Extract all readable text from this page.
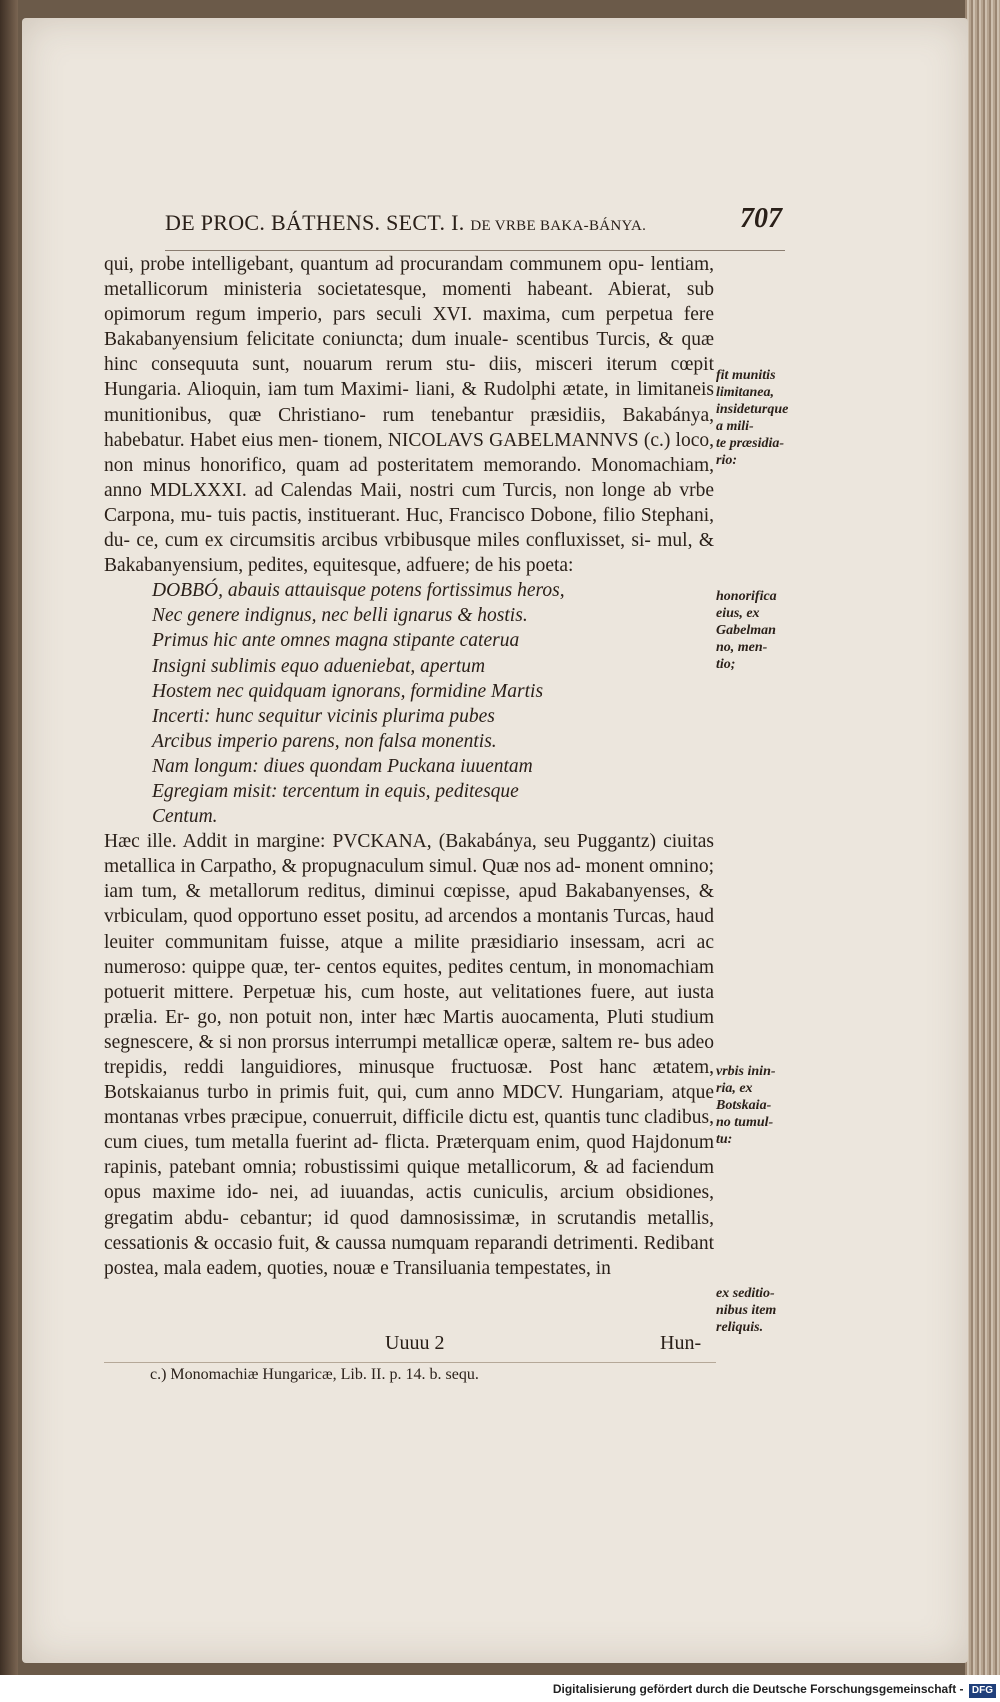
DE PROC. BÁTHENS. SECT. I. DE VRBE BAKA-BÁNYA.	707

qui, probe intelligebant, quantum ad procurandam communem opu- lentiam, metallicorum ministeria societatesque, momenti habeant. Abierat, sub opimorum regum imperio, pars seculi XVI. maxima, cum perpetua fere Bakabanyensium felicitate coniuncta; dum inuale- scentibus Turcis, & quæ hinc consequuta sunt, nouarum rerum stu- diis, misceri iterum cœpit Hungaria. Alioquin, iam tum Maximi- liani, & Rudolphi ætate, in limitaneis munitionibus, quæ Christiano- rum tenebantur præsidiis, Bakabánya, habebatur. Habet eius men- tionem, NICOLAVS GABELMANNVS (c.) loco, non minus honorifico, quam ad posteritatem memorando. Monomachiam, anno MDLXXXI. ad Calendas Maii, nostri cum Turcis, non longe ab vrbe Carpona, mu- tuis pactis, instituerant. Huc, Francisco Dobone, filio Stephani, du- ce, cum ex circumsitis arcibus vrbibusque miles confluxisset, si- mul, & Bakabanyensium, pedites, equitesque, adfuere; de his poeta:

DOBBÓ, abauis attauisque potens fortissimus heros,
Nec genere indignus, nec belli ignarus & hostis.
Primus hic ante omnes magna stipante caterua
Insigni sublimis equo adueniebat, apertum
Hostem nec quidquam ignorans, formidine Martis
Incerti: hunc sequitur vicinis plurima pubes
Arcibus imperio parens, non falsa monentis.
Nam longum: diues quondam Puckana iuuentam
Egregiam misit: tercentum in equis, peditesque
Centum.

Hæc ille. Addit in margine: PVCKANA, (Bakabánya, seu Puggantz) ciuitas metallica in Carpatho, & propugnaculum simul. Quæ nos ad- monent omnino; iam tum, & metallorum reditus, diminui cœpisse, apud Bakabanyenses, & vrbiculam, quod opportuno esset positu, ad arcendos a montanis Turcas, haud leuiter communitam fuisse, atque a milite præsidiario insessam, acri ac numeroso: quippe quæ, ter- centos equites, pedites centum, in monomachiam potuerit mittere. Perpetuæ his, cum hoste, aut velitationes fuere, aut iusta prælia. Er- go, non potuit non, inter hæc Martis auocamenta, Pluti studium segnescere, & si non prorsus interrumpi metallicæ operæ, saltem re- bus adeo trepidis, reddi languidiores, minusque fructuosæ. Post hanc ætatem, Botskaianus turbo in primis fuit, qui, cum anno MDCV. Hungariam, atque montanas vrbes præcipue, conuerruit, difficile dictu est, quantis tunc cladibus, cum ciues, tum metalla fuerint ad- flicta. Præterquam enim, quod Hajdonum rapinis, patebant omnia; robustissimi quique metallicorum, & ad faciendum opus maxime ido- nei, ad iuuandas, actis cuniculis, arcium obsidiones, gregatim abdu- cebantur; id quod damnosissimæ, in scrutandis metallis, cessationis & occasio fuit, & caussa numquam reparandi detrimenti. Redibant postea, mala eadem, quoties, nouæ e Transiluania tempestates, in

fit munitis
limitanea,
insideturque a mili-
te præsidia-
rio:
honorifica
eius, ex
Gabelman
no, men-
tio;
vrbis inin-
ria, ex
Botskaia-
no tumul-
tu:
ex seditio-
nibus item
reliquis.
Uuuu 2	Hun-
c.) Monomachiæ Hungaricæ, Lib. II. p. 14. b. sequ.
Digitalisierung gefördert durch die Deutsche Forschungsgemeinschaft - DFG
